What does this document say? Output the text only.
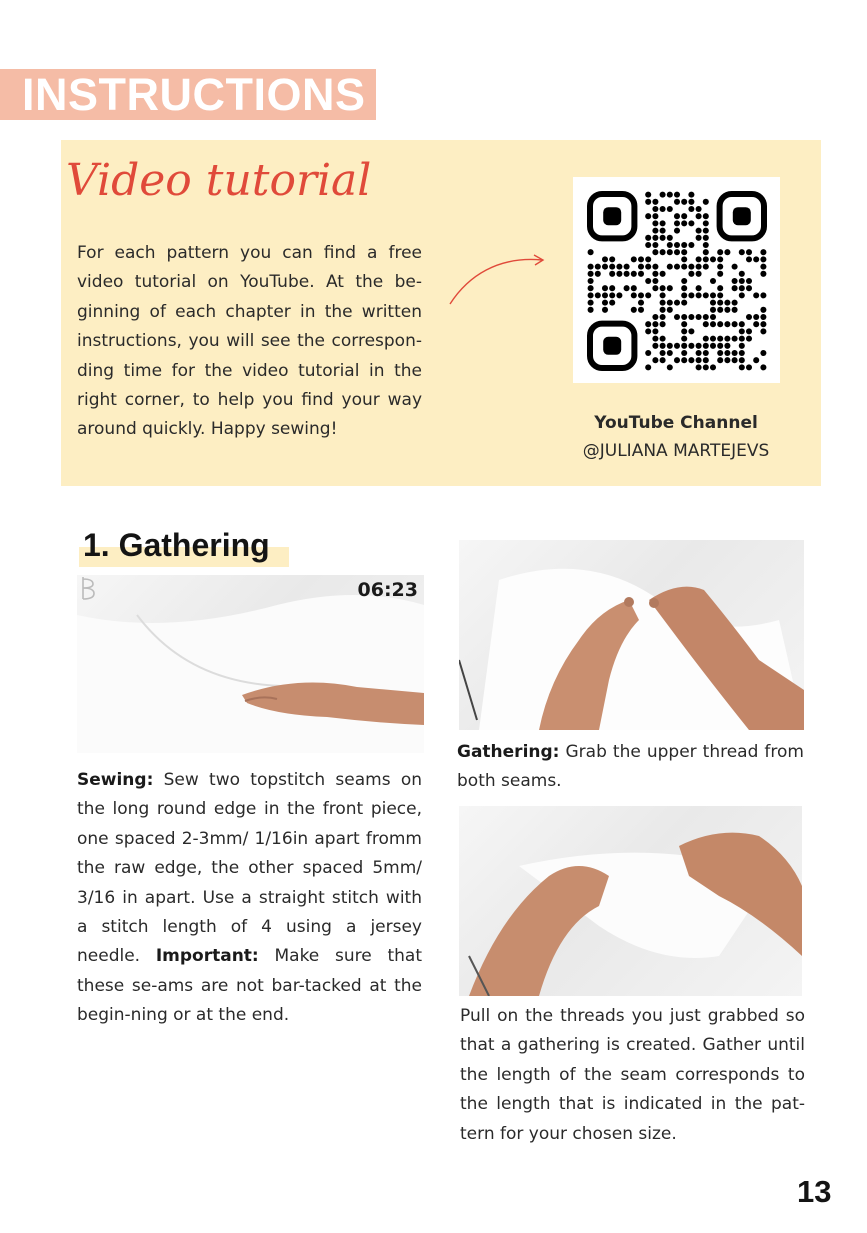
INSTRUCTIONS
Video tutorial

For each pattern you can find a free video tutorial on YouTube. At the be-ginning of each chapter in the written instructions, you will see the correspon-ding time for the video tutorial in the right corner, to help you find your way around quickly. Happy sewing!	YouTube Channel
@JULIANA MARTEJEVS
1. Gathering
06:23

Gathering: Grab the upper thread from both seams.

Sewing: Sew two topstitch seams on the long round edge in the front piece, one spaced 2-3mm/ 1/16in apart fromm the raw edge, the other spaced 5mm/ 3/16 in apart. Use a straight stitch with a stitch length of 4 using a jersey needle. Important: Make sure that these se-ams are not bar-tacked at the begin-ning or at the end.	Pull on the threads you just grabbed so that a gathering is created. Gather until the length of the seam corresponds to the length that is indicated in the pat-tern for your chosen size.

13
